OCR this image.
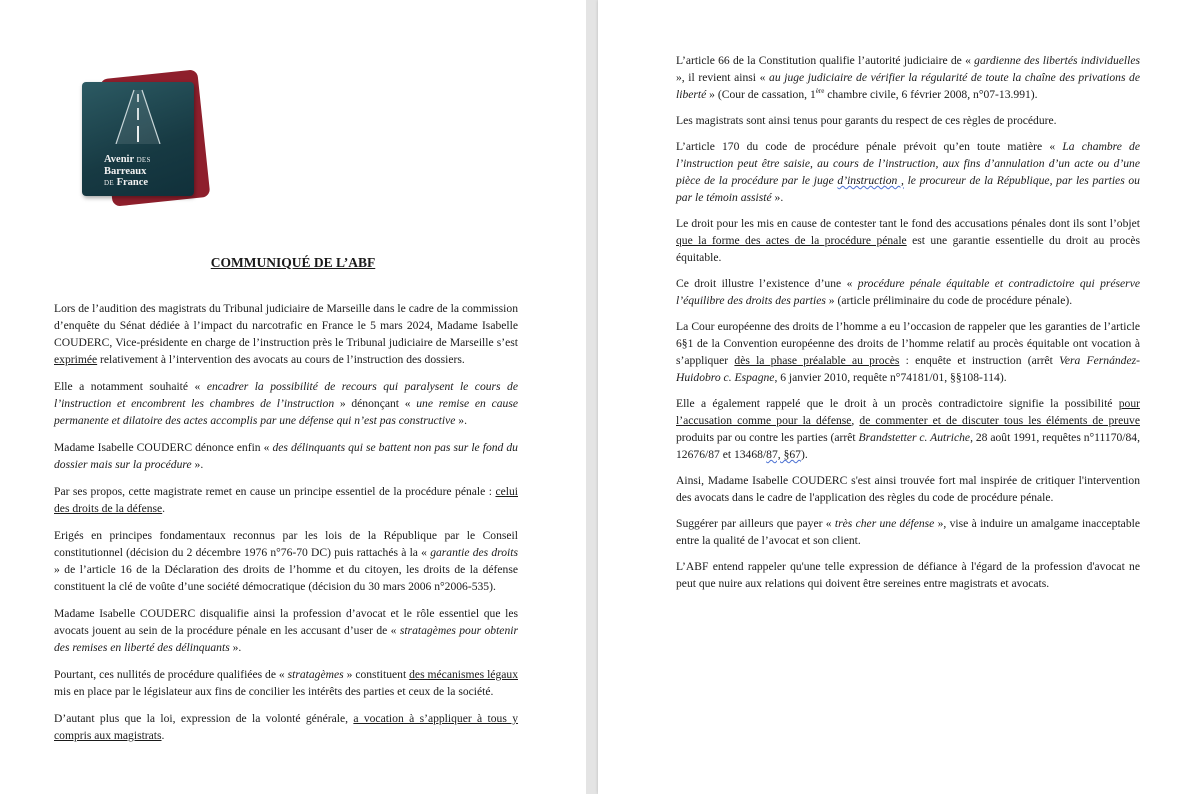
Avenir DES
Barreaux
DE France
COMMUNIQUÉ DE L’ABF

Lors de l’audition des magistrats du Tribunal judiciaire de Marseille dans le cadre de la commission d’enquête du Sénat dédiée à l’impact du narcotrafic en France le 5 mars 2024, Madame Isabelle COUDERC, Vice-présidente en charge de l’instruction près le Tribunal judiciaire de Marseille s’est exprimée relativement à l’intervention des avocats au cours de l’instruction des dossiers.

Elle a notamment souhaité « encadrer la possibilité de recours qui paralysent le cours de l’instruction et encombrent les chambres de l’instruction » dénonçant « une remise en cause permanente et dilatoire des actes accomplis par une défense qui n’est pas constructive ».

Madame Isabelle COUDERC dénonce enfin « des délinquants qui se battent non pas sur le fond du dossier mais sur la procédure ».

Par ses propos, cette magistrate remet en cause un principe essentiel de la procédure pénale : celui des droits de la défense.

Erigés en principes fondamentaux reconnus par les lois de la République par le Conseil constitutionnel (décision du 2 décembre 1976 n°76-70 DC) puis rattachés à la « garantie des droits » de l’article 16 de la Déclaration des droits de l’homme et du citoyen, les droits de la défense constituent la clé de voûte d’une société démocratique (décision du 30 mars 2006 n°2006-535).

Madame Isabelle COUDERC disqualifie ainsi la profession d’avocat et le rôle essentiel que les avocats jouent au sein de la procédure pénale en les accusant d’user de « stratagèmes pour obtenir des remises en liberté des délinquants ».

Pourtant, ces nullités de procédure qualifiées de « stratagèmes » constituent des mécanismes légaux mis en place par le législateur aux fins de concilier les intérêts des parties et ceux de la société.

D’autant plus que la loi, expression de la volonté générale, a vocation à s’appliquer à tous y compris aux magistrats.

L’article 66 de la Constitution qualifie l’autorité judiciaire de « gardienne des libertés individuelles », il revient ainsi « au juge judiciaire de vérifier la régularité de toute la chaîne des privations de liberté » (Cour de cassation, 1ère chambre civile, 6 février 2008, n°07-13.991).

Les magistrats sont ainsi tenus pour garants du respect de ces règles de procédure.

L’article 170 du code de procédure pénale prévoit qu’en toute matière « La chambre de l’instruction peut être saisie, au cours de l’instruction, aux fins d’annulation d’un acte ou d’une pièce de la procédure par le juge d’instruction , le procureur de la République, par les parties ou par le témoin assisté ».

Le droit pour les mis en cause de contester tant le fond des accusations pénales dont ils sont l’objet que la forme des actes de la procédure pénale est une garantie essentielle du droit au procès équitable.

Ce droit illustre l’existence d’une « procédure pénale équitable et contradictoire qui préserve l’équilibre des droits des parties » (article préliminaire du code de procédure pénale).

La Cour européenne des droits de l’homme a eu l’occasion de rappeler que les garanties de l’article 6§1 de la Convention européenne des droits de l’homme relatif au procès équitable ont vocation à s’appliquer dès la phase préalable au procès : enquête et instruction (arrêt Vera Fernández-Huidobro c. Espagne, 6 janvier 2010, requête n°74181/01, §§108-114).

Elle a également rappelé que le droit à un procès contradictoire signifie la possibilité pour l’accusation comme pour la défense, de commenter et de discuter tous les éléments de preuve produits par ou contre les parties (arrêt Brandstetter c. Autriche, 28 août 1991, requêtes n°11170/84, 12676/87 et 13468/87, §67).

Ainsi, Madame Isabelle COUDERC s'est ainsi trouvée fort mal inspirée de critiquer l'intervention des avocats dans le cadre de l'application des règles du code de procédure pénale.

Suggérer par ailleurs que payer « très cher une défense », vise à induire un amalgame inacceptable entre la qualité de l’avocat et son client.

L’ABF entend rappeler qu'une telle expression de défiance à l'égard de la profession d'avocat ne peut que nuire aux relations qui doivent être sereines entre magistrats et avocats.
